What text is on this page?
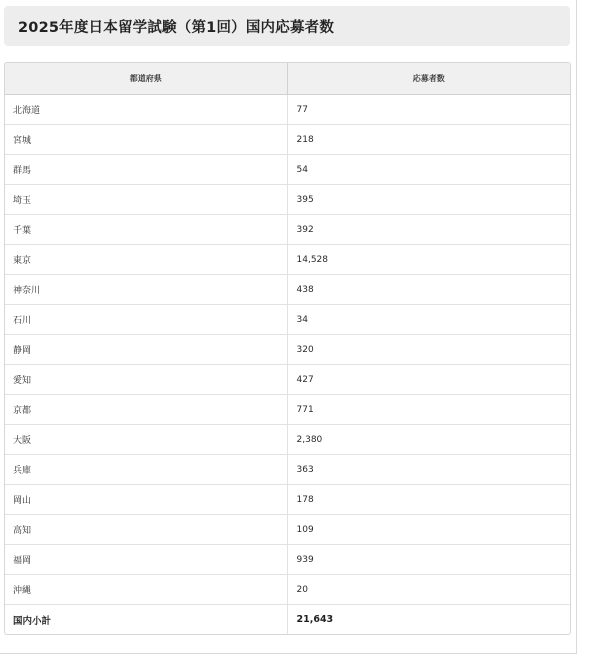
2025年度日本留学試験（第1回）国内応募者数
都道府県	応募者数
北海道	77
宮城	218
群馬	54
埼玉	395
千葉	392
東京	14,528
神奈川	438
石川	34
静岡	320
愛知	427
京都	771
大阪	2,380
兵庫	363
岡山	178
高知	109
福岡	939
沖縄	20
国内小計	21,643
